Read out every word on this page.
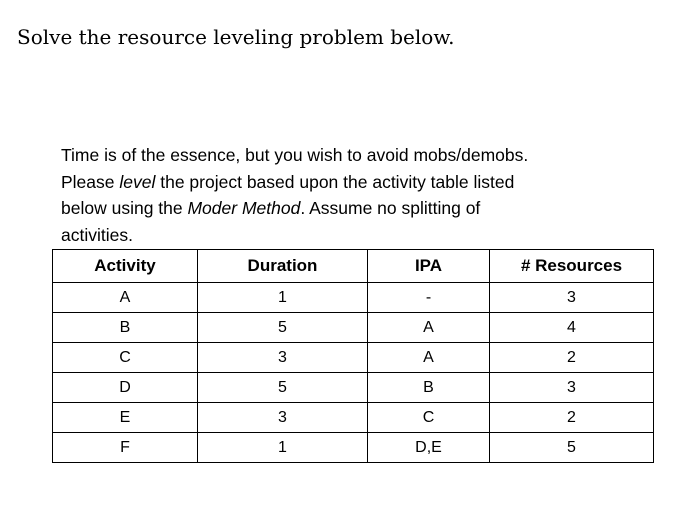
Solve the resource leveling problem below.
Time is of the essence, but you wish to avoid mobs/demobs.
Please level the project based upon the activity table listed
below using the Moder Method. Assume no splitting of
activities.
Activity	Duration	IPA	# Resources
A	1	-	3
B	5	A	4
C	3	A	2
D	5	B	3
E	3	C	2
F	1	D,E	5
